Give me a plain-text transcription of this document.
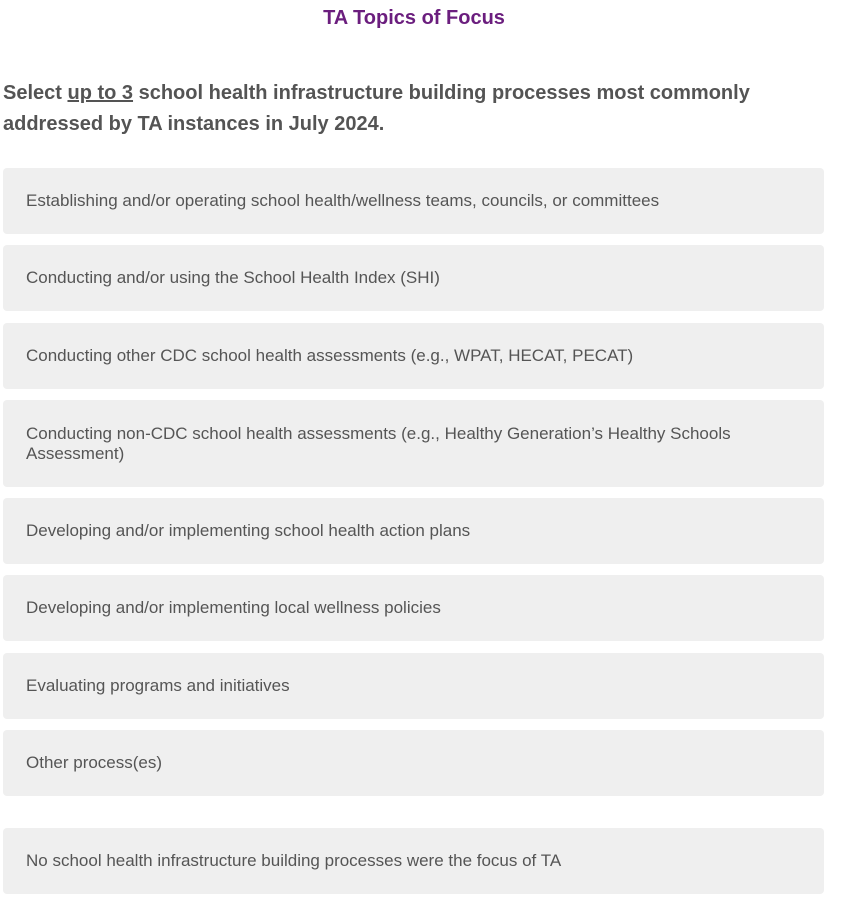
TA Topics of Focus
Select up to 3 school health infrastructure building processes most commonly addressed by TA instances in July 2024.
Establishing and/or operating school health/wellness teams, councils, or committees
Conducting and/or using the School Health Index (SHI)
Conducting other CDC school health assessments (e.g., WPAT, HECAT, PECAT)
Conducting non-CDC school health assessments (e.g., Healthy Generation’s Healthy Schools Assessment)
Developing and/or implementing school health action plans
Developing and/or implementing local wellness policies
Evaluating programs and initiatives
Other process(es)
No school health infrastructure building processes were the focus of TA
